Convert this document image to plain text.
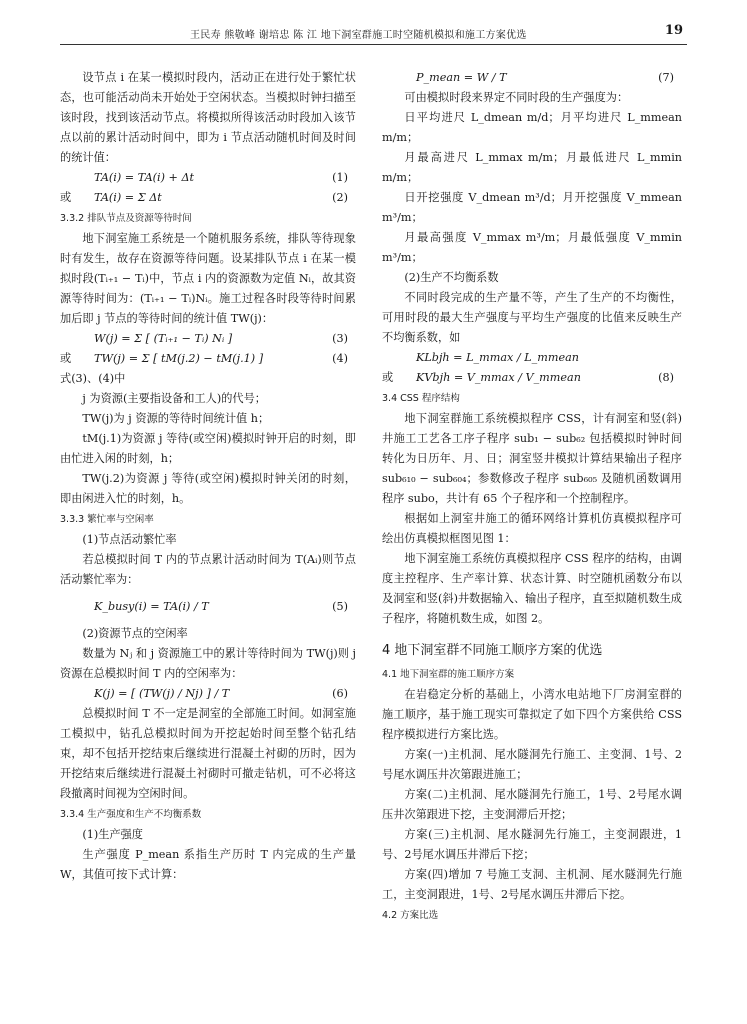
王民寿 熊敬峰 谢培忠 陈 江 地下洞室群施工时空随机模拟和施工方案优选	19

设节点 i 在某一模拟时段内，活动正在进行处于繁忙状态，也可能活动尚未开始处于空闲状态。当模拟时钟扫描至该时段，找到该活动节点。将模拟所得该活动时段加入该节点以前的累计活动时间中，即为 i 节点活动随机时间及时间的统计值：

TA(i) = TA(i) + Δt	(1)
或 TA(i) = Σ Δt	(2)
3.3.2 排队节点及资源等待时间

地下洞室施工系统是一个随机服务系统，排队等待现象时有发生，故存在资源等待问题。设某排队节点 i 在某一模拟时段(Tᵢ₊₁ − Tᵢ)中，节点 i 内的资源数为定值 Nᵢ，故其资源等待时间为：(Tᵢ₊₁ − Tᵢ)Nᵢ。施工过程各时段等待时间累加后即 j 节点的等待时间的统计值 TW(j)：

W(j) = Σ [ (Tᵢ₊₁ − Tᵢ) Nᵢ ]	(3)
或 TW(j) = Σ [ tM(j.2) − tM(j.1) ]	(4)

式(3)、(4)中

j 为资源(主要指设备和工人)的代号；

TW(j)为 j 资源的等待时间统计值 h；

tM(j.1)为资源 j 等待(或空闲)模拟时钟开启的时刻，即由忙进入闲的时刻，h；

TW(j.2)为资源 j 等待(或空闲)模拟时钟关闭的时刻，即由闲进入忙的时刻，h。

3.3.3 繁忙率与空闲率

(1)节点活动繁忙率

若总模拟时间 T 内的节点累计活动时间为 T(Aᵢ)则节点活动繁忙率为：

K_busy(i) = TA(i) / T	(5)

(2)资源节点的空闲率

数量为 Nⱼ 和 j 资源施工中的累计等待时间为 TW(j)则 j 资源在总模拟时间 T 内的空闲率为：

K(j) = [ (TW(j) / Nj) ] / T	(6)

总模拟时间 T 不一定是洞室的全部施工时间。如洞室施工模拟中，钻孔总模拟时间为开挖起始时间至整个钻孔结束，却不包括开挖结束后继续进行混凝土衬砌的历时，因为开挖结束后继续进行混凝土衬砌时可撤走钻机，可不必将这段撤离时间视为空闲时间。

3.3.4 生产强度和生产不均衡系数

(1)生产强度

生产强度 P_mean 系指生产历时 T 内完成的生产量 W，其值可按下式计算：

P_mean = W / T	(7)

可由模拟时段来界定不同时段的生产强度为：

日平均进尺 L_dmean m/d；月平均进尺 L_mmean m/m；

月最高进尺 L_mmax m/m；月最低进尺 L_mmin m/m；

日开挖强度 V_dmean m³/d；月开挖强度 V_mmean m³/m；

月最高强度 V_mmax m³/m；月最低强度 V_mmin m³/m；

(2)生产不均衡系数

不同时段完成的生产量不等，产生了生产的不均衡性，可用时段的最大生产强度与平均生产强度的比值来反映生产不均衡系数，如

KLbjh = L_mmax / L_mmean
或 KVbjh = V_mmax / V_mmean	(8)
3.4 CSS 程序结构

地下洞室群施工系统模拟程序 CSS，计有洞室和竖(斜)井施工工艺各工序子程序 sub₁ − sub₆₂ 包括模拟时钟时间转化为日历年、月、日；洞室竖井模拟计算结果输出子程序 sub₆₁₀ − sub₆₀₄；参数修改子程序 sub₆₀₅ 及随机函数调用程序 subo，共计有 65 个子程序和一个控制程序。

根据如上洞室井施工的循环网络计算机仿真模拟程序可绘出仿真模拟框图见图 1：

地下洞室施工系统仿真模拟程序 CSS 程序的结构，由调度主控程序、生产率计算、状态计算、时空随机函数分布以及洞室和竖(斜)井数据输入、输出子程序，直至拟随机数生成子程序，将随机数生成，如图 2。

4 地下洞室群不同施工顺序方案的优选
4.1 地下洞室群的施工顺序方案

在岩稳定分析的基础上，小湾水电站地下厂房洞室群的施工顺序，基于施工现实可靠拟定了如下四个方案供给 CSS 程序模拟进行方案比选。

方案(一)主机洞、尾水隧洞先行施工、主变洞、1号、2号尾水调压井次第跟进施工；

方案(二)主机洞、尾水隧洞先行施工，1号、2号尾水调压井次第跟进下挖，主变洞滞后开挖；

方案(三)主机洞、尾水隧洞先行施工，主变洞跟进，1号、2号尾水调压井滞后下挖；

方案(四)增加 7 号施工支洞、主机洞、尾水隧洞先行施工，主变洞跟进，1号、2号尾水调压井滞后下挖。

4.2 方案比选
